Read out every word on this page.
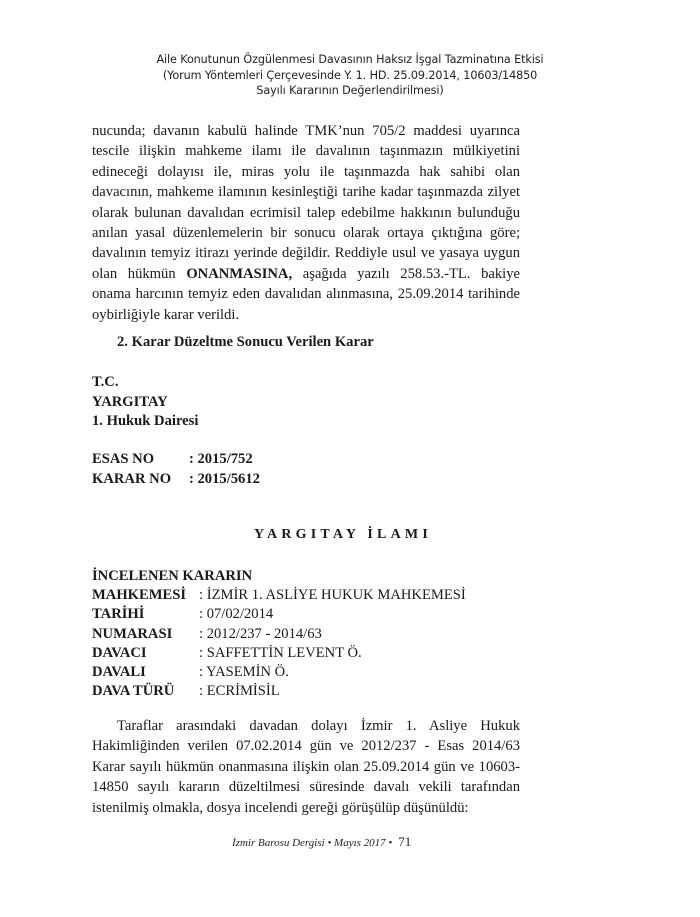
Aile Konutunun Özgülenmesi Davasının Haksız İşgal Tazminatına Etkisi
(Yorum Yöntemleri Çerçevesinde Y. 1. HD. 25.09.2014, 10603/14850
Sayılı Kararının Değerlendirilmesi)

nucunda; davanın kabulü halinde TMK’nun 705/2 maddesi uyarınca tescile ilişkin mahkeme ilamı ile davalının taşınmazın mülkiyetini edineceği dolayısı ile, miras yolu ile taşınmazda hak sahibi olan davacının, mahkeme ilamının kesinleştiği tarihe kadar taşınmazda zilyet olarak bulunan davalıdan ecrimisil talep edebilme hakkının bulunduğu anılan yasal düzenlemelerin bir sonucu olarak ortaya çıktığına göre; davalının temyiz itirazı yerinde değildir. Reddiyle usul ve yasaya uygun olan hükmün ONANMASINA, aşağıda yazılı 258.53.-TL. bakiye onama harcının temyiz eden davalıdan alınmasına, 25.09.2014 tarihinde oybirliğiyle karar verildi.

2. Karar Düzeltme Sonucu Verilen Karar
T.C.
YARGITAY
1. Hukuk Dairesi
ESAS NO	: 2015/752
KARAR NO	: 2015/5612
YARGITAY İLAMI
İNCELENEN KARARIN
MAHKEMESİ : İZMİR 1. ASLİYE HUKUK MAHKEMESİ
TARİHİ	: 07/02/2014
NUMARASI	: 2012/237 - 2014/63
DAVACI	: SAFFETTİN LEVENT Ö.
DAVALI	: YASEMİN Ö.
DAVA TÜRÜ	: ECRİMİSİL

Taraflar arasındaki davadan dolayı İzmir 1. Asliye Hukuk Hakimliğinden verilen 07.02.2014 gün ve 2012/237 - Esas 2014/63 Karar sayılı hükmün onanmasına ilişkin olan 25.09.2014 gün ve 10603-14850 sayılı kararın düzeltilmesi süresinde davalı vekili tarafından istenilmiş olmakla, dosya incelendi gereği görüşülüp düşünüldü:

İzmir Barosu Dergisi • Mayıs 2017 • 71
